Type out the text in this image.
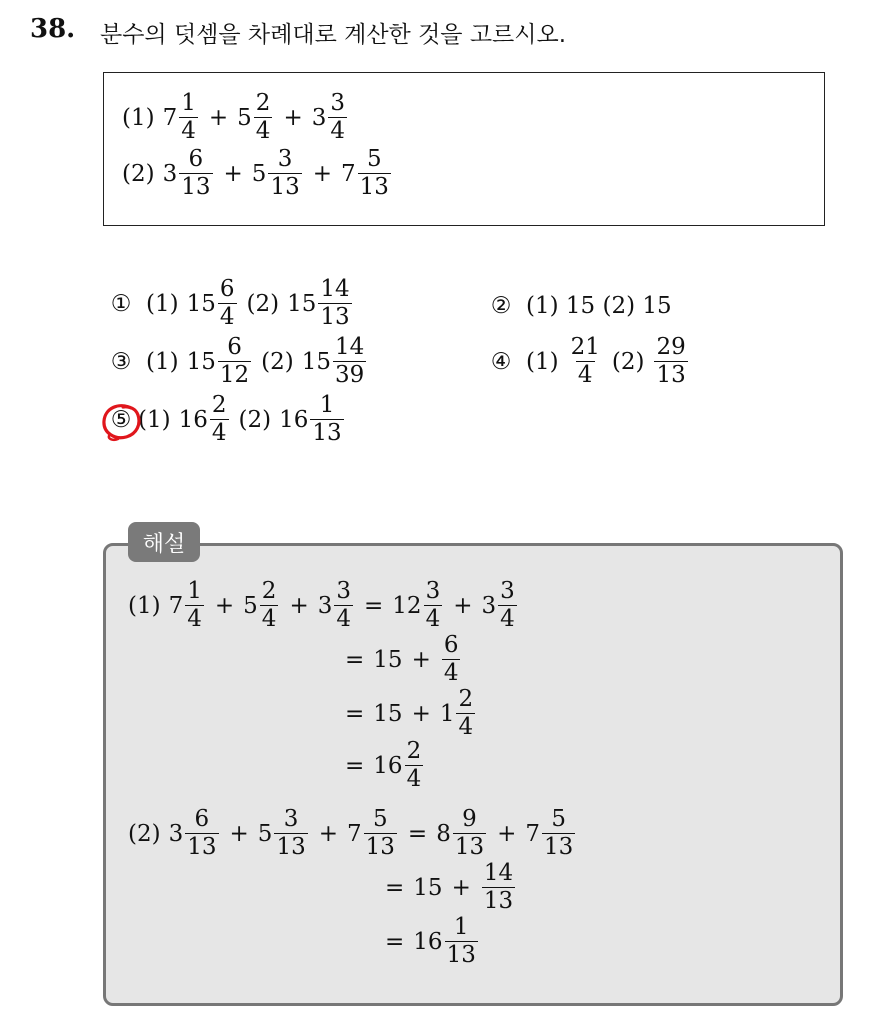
38. 분수의 덧셈을 차례대로 계산한 것을 고르시오.
(1) $7 \frac{1}{4} + 5 \frac{2}{4} + 3 \frac{3}{4}$
(2) $3 \frac{6}{13} + 5 \frac{3}{13} + 7 \frac{5}{13}$
① (1) $15 \frac{6}{4} (2)$ $15 \frac{14}{13}$	② (1) 15 (2) 15
③ (1) $15 \frac{6}{12} (2)$ $15 \frac{14}{39}$	④ $(1) \frac{21}{4} (2) \frac{29}{13}$
⑤ (1) $16 \frac{2}{4} (2)$ $16 \frac{1}{13}$
해설
(1) $7 \frac{1}{4} + 5 \frac{2}{4} + 3 \frac{3}{4} = 12 \frac{3}{4} + 3 \frac{3}{4}$
= $15 + \frac{6}{4}$
= $15 + 1 \frac{2}{4}$
= $16 \frac{2}{4}$
(2) $3 \frac{6}{13} + 5 \frac{3}{13} + 7 \frac{5}{13} = 8 \frac{9}{13} + 7 \frac{5}{13}$
= $15 + \frac{14}{13}$
= $16 \frac{1}{13}$
